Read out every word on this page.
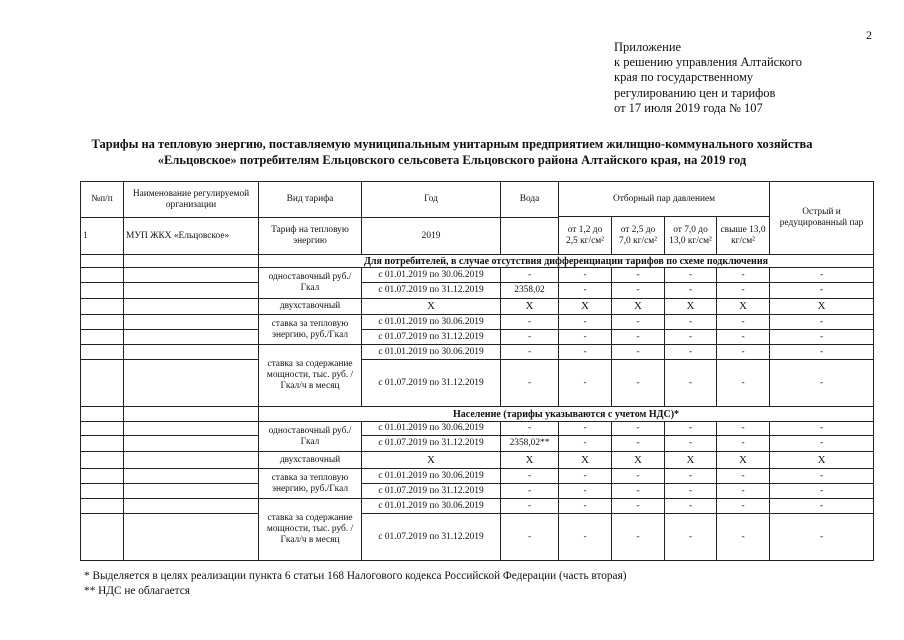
2
Приложение
к решению управления Алтайского
края по государственному
регулированию цен и тарифов
от 17 июля 2019 года № 107
Тарифы на тепловую энергию, поставляемую муниципальным унитарным предприятием жилищно-коммунального хозяйства
«Ельцовское» потребителям Ельцовского сельсовета Ельцовского района Алтайского края, на 2019 год
№п/п	Наименование регулируемой организации	Вид тарифа	Год	Вода	Отборный пар давлением				Острый и редуцированный пар
					от 1,2 до 2,5 кг/см²	от 2,5 до 7,0 кг/см²	от 7,0 до 13,0 кг/см²	свыше 13,0 кг/см²	
1	МУП ЖКХ «Ельцовское»	Тариф на тепловую энергию	2019						
		Для потребителей, в случае отсутствия дифференциации тарифов по схеме подключения							
		одноставочный руб./Гкал	с 01.01.2019 по 30.06.2019	-	-	-	-	-	-
			с 01.07.2019 по 31.12.2019	2358,02	-	-	-	-	-
		двухставочный	X	X	X	X	X	X	X
		ставка за тепловую энергию, руб./Гкал	с 01.01.2019 по 30.06.2019	-	-	-	-	-	-
			с 01.07.2019 по 31.12.2019	-	-	-	-	-	-
		ставка за содержание мощности, тыс. руб. /Гкал/ч в месяц	с 01.01.2019 по 30.06.2019	-	-	-	-	-	-
			с 01.07.2019 по 31.12.2019	-	-	-	-	-	-
		Население (тарифы указываются с учетом НДС)*							
		одноставочный руб./Гкал	с 01.01.2019 по 30.06.2019	-	-	-	-	-	-
			с 01.07.2019 по 31.12.2019	2358,02**	-	-	-	-	-
		двухставочный	X	X	X	X	X	X	X
		ставка за тепловую энергию, руб./Гкал	с 01.01.2019 по 30.06.2019	-	-	-	-	-	-
			с 01.07.2019 по 31.12.2019	-	-	-	-	-	-
		ставка за содержание мощности, тыс. руб. /Гкал/ч в месяц	с 01.01.2019 по 30.06.2019	-	-	-	-	-	-
			с 01.07.2019 по 31.12.2019	-	-	-	-	-	-
* Выделяется в целях реализации пункта 6 статьи 168 Налогового кодекса Российской Федерации (часть вторая)
** НДС не облагается
